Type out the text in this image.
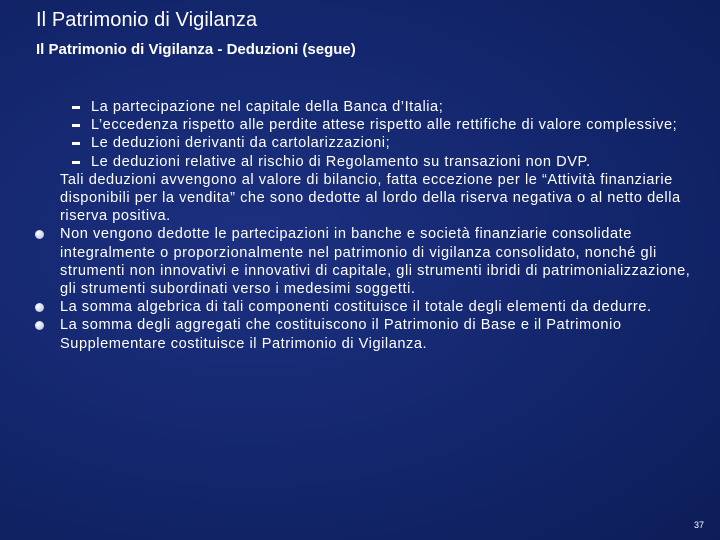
Il Patrimonio di Vigilanza
Il Patrimonio di Vigilanza - Deduzioni (segue)
La partecipazione nel capitale della Banca d’Italia;
L’eccedenza rispetto alle perdite attese rispetto alle rettifiche di valore complessive;
Le deduzioni derivanti da cartolarizzazioni;
Le deduzioni relative al rischio di Regolamento su transazioni non DVP.
Tali deduzioni avvengono al valore di bilancio, fatta eccezione per le “Attività finanziarie disponibili per la vendita” che sono dedotte al lordo della riserva negativa o al netto della riserva positiva.
Non vengono dedotte le partecipazioni in banche e società finanziarie consolidate integralmente o proporzionalmente nel patrimonio di vigilanza consolidato, nonché gli strumenti non innovativi e innovativi di capitale, gli strumenti ibridi di patrimonializzazione, gli strumenti subordinati verso i medesimi soggetti.
La somma algebrica di tali componenti costituisce il totale degli elementi da dedurre.
La somma degli aggregati che costituiscono il Patrimonio di Base e il Patrimonio Supplementare costituisce il Patrimonio di Vigilanza.
37
